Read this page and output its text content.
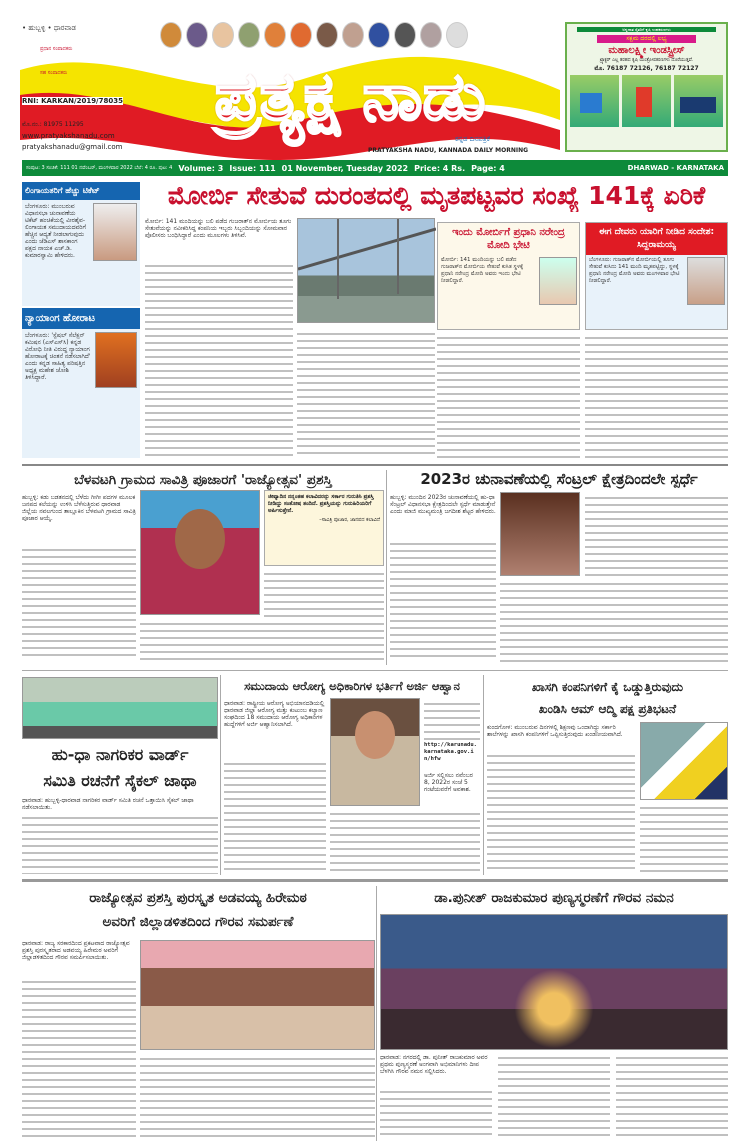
• ಹುಬ್ಬಳ್ಳಿ • ಧಾರವಾಡ
ಪ್ರಧಾನ ಸಂಪಾದಕರು
ಸಹ ಸಂಪಾದಕರು
RNI: KARKAN/2019/78035
ಮೊ.ನಂ.: 81975 11295
www.pratyakshanadu.com
pratyakshanadu@gmail.com
ಪ್ರತ್ಯಕ್ಷ ನಾಡು
ಕನ್ನಡ ದಿನಪತ್ರಿಕೆ
PRATYAKSHA NADU, KANNADA DAILY MORNING
ಅನ್ನದಾತ ರೈತರಿಗೆ ಕೃಷಿ ಉಪಕರಣಗಳು
ಸಕ್ಷಮ ದರದಲ್ಲಿ ಲಭ್ಯ
ಮಹಾಲಕ್ಷ್ಮೀ ಇಂಡಸ್ಟ್ರೀಸ್
ಟ್ರ್ಯಾಕ್ಟರ್ ಎಲ್ಲ ತರಹದ ಕೃಷಿ ಯಂತ್ರೋಪಕರಣಗಳು ದೊರೆಯುತ್ತವೆ.
ಮೊ. 76187 72126, 76187 72127
ಸಂಪುಟ: 3 ಸಂಚಿಕೆ: 111 01 ನವೆಂಬರ್, ಮಂಗಳವಾರ 2022 ಬೆಲೆ: 4 ರೂ. ಪುಟ: 4 Volume: 3 Issue: 111 01 November, Tuesday 2022 Price: 4 Rs. Page: 4	DHARWAD - KARNATAKA
ಲಿಂಗಾಯತರಿಗೆ ಹೆಚ್ಚು ಟಿಕೆಟ್
ಬೆಂಗಳೂರು: ಮುಂಬರುವ ವಿಧಾನಸಭಾ ಚುನಾವಣೆಯ ಟಿಕೆಟ್ ಹಂಚಿಕೆಯಲ್ಲಿ ವೀರಶೈವ- ಲಿಂಗಾಯತ ಸಮುದಾಯದವರಿಗೆ ಹೆಚ್ಚಿನ ಆದ್ಯತೆ ನೀಡಲಾಗುವುದು ಎಂದು ಜೆಡಿಎಸ್ ಶಾಸಕಾಂಗ ಪಕ್ಷದ ನಾಯಕ ಎಚ್.ಡಿ. ಕುಮಾರಸ್ವಾಮಿ ಹೇಳಿದರು.
ನ್ಯಾಯಾಂಗ ಹೋರಾಟ
ಬೆಂಗಳೂರು: 'ಸ್ಪೆಷಲ್ ಸೆಲೆಕ್ಷನ್ ಕಮಿಷನ (ಎಸ್‌ಎಸ್‌ಸಿ) ಕನ್ನಡ ವಿರೋಧಿ ನೀತಿ ವಿರುದ್ಧ ನ್ಯಾಯಾಂಗ ಹೋರಾಟಕ್ಕೆ ಚಿಂತನೆ ನಡೆಸಲಾಗಿದೆ' ಎಂದು ಕನ್ನಡ ಸಾಹಿತ್ಯ ಪರಿಷತ್ತಿನ ಅಧ್ಯಕ್ಷ ಮಹೇಶ ಜೋಶಿ ತಿಳಿಸಿದ್ದಾರೆ.
ಮೋರ್ಬಿ ಸೇತುವೆ ದುರಂತದಲ್ಲಿ ಮೃತಪಟ್ಟವರ ಸಂಖ್ಯೆ 141ಕ್ಕೆ ಏರಿಕೆ
ಮೋರ್ಬಿ: 141 ಮಂದಿಯನ್ನು ಬಲಿ ಪಡೆದ ಗುಜರಾತ್‌ನ ಮೋರ್ಬಿಯ ತೂಗು ಸೇತುವೆಯನ್ನು ನವೀಕರಿಸಿದ್ದ ಕಂಪನಿಯ ಇಬ್ಬರು ಸಿಬ್ಬಂದಿಯನ್ನು ಸೋಮವಾರ ಪೊಲೀಸರು ಬಂಧಿಸಿದ್ದಾರೆ ಎಂದು ಮೂಲಗಳು ತಿಳಿಸಿವೆ.	ಇಂದು ಮೋರ್ಬಿಗೆ ಪ್ರಧಾನಿ ನರೇಂದ್ರ ಮೋದಿ ಭೇಟಿ
ಮೋರ್ಬಿ: 141 ಮಂದಿಯನ್ನು ಬಲಿ ಪಡೆದ ಗುಜರಾತ್‌ನ ಮೋರ್ಬಿಯ ಸೇತುವೆ ಕುಸಿತ ಸ್ಥಳಕ್ಕೆ ಪ್ರಧಾನಿ ನರೇಂದ್ರ ಮೋದಿ ಅವರು ಇಂದು ಭೇಟಿ ನೀಡಲಿದ್ದಾರೆ.
ಈಗ ದೇವರು ಯಾರಿಗೆ ನೀಡಿದ ಸಂದೇಶ: ಸಿದ್ದರಾಮಯ್ಯ
ಬೆಂಗಳೂರು: ಗುಜರಾತ್‌ನ ಮೋರ್ಬಿಯಲ್ಲಿ ತೂಗು ಸೇತುವೆ ಕುಸಿದು 141 ಮಂದಿ ಮೃತಪಟ್ಟಿದ್ದು, ಸ್ಥಳಕ್ಕೆ ಪ್ರಧಾನಿ ನರೇಂದ್ರ ಮೋದಿ ಅವರು ಮಂಗಳವಾರ ಭೇಟಿ ನೀಡಲಿದ್ದಾರೆ.
ಬೆಳವಟಗಿ ಗ್ರಾಮದ ಸಾವಿತ್ರಿ ಪೂಜಾರಗೆ 'ರಾಜ್ಯೋತ್ಸವ' ಪ್ರಶಸ್ತಿ
ಹುಬ್ಬಳ್ಳಿ: ಕಡು ಬಡತನದಲ್ಲಿ ಬೆಳೆದು ಗೀಗೀ ಪದಗಳ ಮೂಲಕ ಜನಪದ ಕಲೆಯನ್ನು ಉಳಿಸಿ ಬೆಳೆಸುತ್ತಿರುವ ಧಾರವಾಡ ಜಿಲ್ಲೆಯ ನವಲಗುಂದ ತಾಲ್ಲೂಕಿನ ಬೆಳವಟಗಿ ಗ್ರಾಮದ ಸಾವಿತ್ರಿ ಪೂಜಾರ ಆಯ್ಕೆ.
ಜೀವ್ಯಾದಿನ ನನ್ನಂತಹ ಕಲಾವಿದರನ್ನು ಸರ್ಕಾರ ಗುರುತಿಸಿ ಪ್ರಶಸ್ತಿ ನೀಡಿದ್ದು ಸಂತೋಷ ತಂದಿದೆ. ಪ್ರಶಸ್ತಿಯನ್ನು ಗುರುಹಿರಿಯರಿಗೆ ಅರ್ಪಿಸುತ್ತೇನೆ.
–ಸಾವಿತ್ರಿ ಪೂಜಾರ, ಜಾನಪದ ಕಲಾವಿದೆ
2023ರ ಚುನಾವಣೆಯಲ್ಲಿ ಸೆಂಟ್ರಲ್ ಕ್ಷೇತ್ರದಿಂದಲೇ ಸ್ಪರ್ಧೆ
ಹುಬ್ಬಳ್ಳಿ: ಮುಂದಿನ 2023ರ ಚುನಾವಣೆಯಲ್ಲಿ ಹು-ಧಾ ಸೆಂಟ್ರಲ್ ವಿಧಾನಸಭಾ ಕ್ಷೇತ್ರದಿಂದಲೇ ಸ್ಪರ್ಧೆ ಮಾಡುತ್ತೇನೆ ಎಂದು ಮಾಜಿ ಮುಖ್ಯಮಂತ್ರಿ ಜಗದೀಶ ಶೆಟ್ಟರ ಹೇಳಿದರು.
ಹು-ಧಾ ನಾಗರಿಕರ ವಾರ್ಡ್
ಸಮಿತಿ ರಚನೆಗೆ ಸೈಕಲ್ ಜಾಥಾ
ಧಾರವಾಡ: ಹುಬ್ಬಳ್ಳಿ-ಧಾರವಾಡ ನಾಗರಿಕರ ವಾರ್ಡ್ ಸಮಿತಿ ರಚನೆ ಒತ್ತಾಯಿಸಿ ಸೈಕಲ್ ಜಾಥಾ ನಡೆಸಲಾಯಿತು.
ಸಮುದಾಯ ಆರೋಗ್ಯ ಅಧಿಕಾರಿಗಳ ಭರ್ತಿಗೆ ಅರ್ಜಿ ಆಹ್ವಾನ
ಧಾರವಾಡ: ರಾಷ್ಟ್ರೀಯ ಆರೋಗ್ಯ ಅಭಿಯಾನದಡಿಯಲ್ಲಿ ಧಾರವಾಡ ಜಿಲ್ಲಾ ಆರೋಗ್ಯ ಮತ್ತು ಕುಟುಂಬ ಕಲ್ಯಾಣ ಸಂಘದಿಂದ 18 ಸಮುದಾಯ ಆರೋಗ್ಯ ಅಧಿಕಾರಿಗಳ ಹುದ್ದೆಗಳಿಗೆ ಅರ್ಜಿ ಆಹ್ವಾನಿಸಲಾಗಿದೆ.
http://karunadu.karnataka.gov.in/hfw
ಅರ್ಜಿ ಸಲ್ಲಿಸಲು ನವೆಂಬರ 8, 2022ರ ಸಂಜೆ 5 ಗಂಟೆಯವರೆಗೆ ಅವಕಾಶ.
ಖಾಸಗಿ ಕಂಪನಿಗಳಿಗೆ ಕೈ ಒಡ್ಡುತ್ತಿರುವುದು
ಖಂಡಿಸಿ ಆಮ್ ಆದ್ಮಿ ಪಕ್ಷ ಪ್ರತಿಭಟನೆ
ಕುಂದಗೋಳ: ಮುಂಬರುವ ದಿನಗಳಲ್ಲಿ ಶಿಕ್ಷಣವು ಒಂದಾಗಿದ್ದು ಸರ್ಕಾರಿ ಶಾಲೆಗಳನ್ನು ಖಾಸಗಿ ಕಂಪನಿಗಳಿಗೆ ಒಪ್ಪಿಸುತ್ತಿರುವುದು ಖಂಡನೀಯವಾಗಿದೆ.
ರಾಜ್ಯೋತ್ಸವ ಪ್ರಶಸ್ತಿ ಪುರಸ್ಕೃತ ಅಡವಯ್ಯ ಹಿರೇಮಠ
ಅವರಿಗೆ ಜಿಲ್ಲಾಡಳಿತದಿಂದ ಗೌರವ ಸಮರ್ಪಣೆ
ಧಾರವಾಡ: ರಾಜ್ಯ ಸರಕಾರದಿಂದ ಪ್ರಕಟವಾದ ರಾಜ್ಯೋತ್ಸವ ಪ್ರಶಸ್ತಿ ಪುರಸ್ಕೃತರಾದ ಅಡವಯ್ಯ ಹಿರೇಮಠ ಅವರಿಗೆ ಜಿಲ್ಲಾಡಳಿತದಿಂದ ಗೌರವ ಸಮರ್ಪಿಸಲಾಯಿತು.
ಡಾ.ಪುನೀತ್ ರಾಜಕುಮಾರ ಪುಣ್ಯಸ್ಮರಣೆಗೆ ಗೌರವ ನಮನ
ಧಾರವಾಡ: ನಗರದಲ್ಲಿ ಡಾ. ಪುನೀತ್ ರಾಜಕುಮಾರ ಅವರ ಪ್ರಥಮ ಪುಣ್ಯಸ್ಮರಣೆ ಅಂಗವಾಗಿ ಅಭಿಮಾನಿಗಳು ದೀಪ ಬೆಳಗಿಸಿ ಗೌರವ ನಮನ ಸಲ್ಲಿಸಿದರು.
